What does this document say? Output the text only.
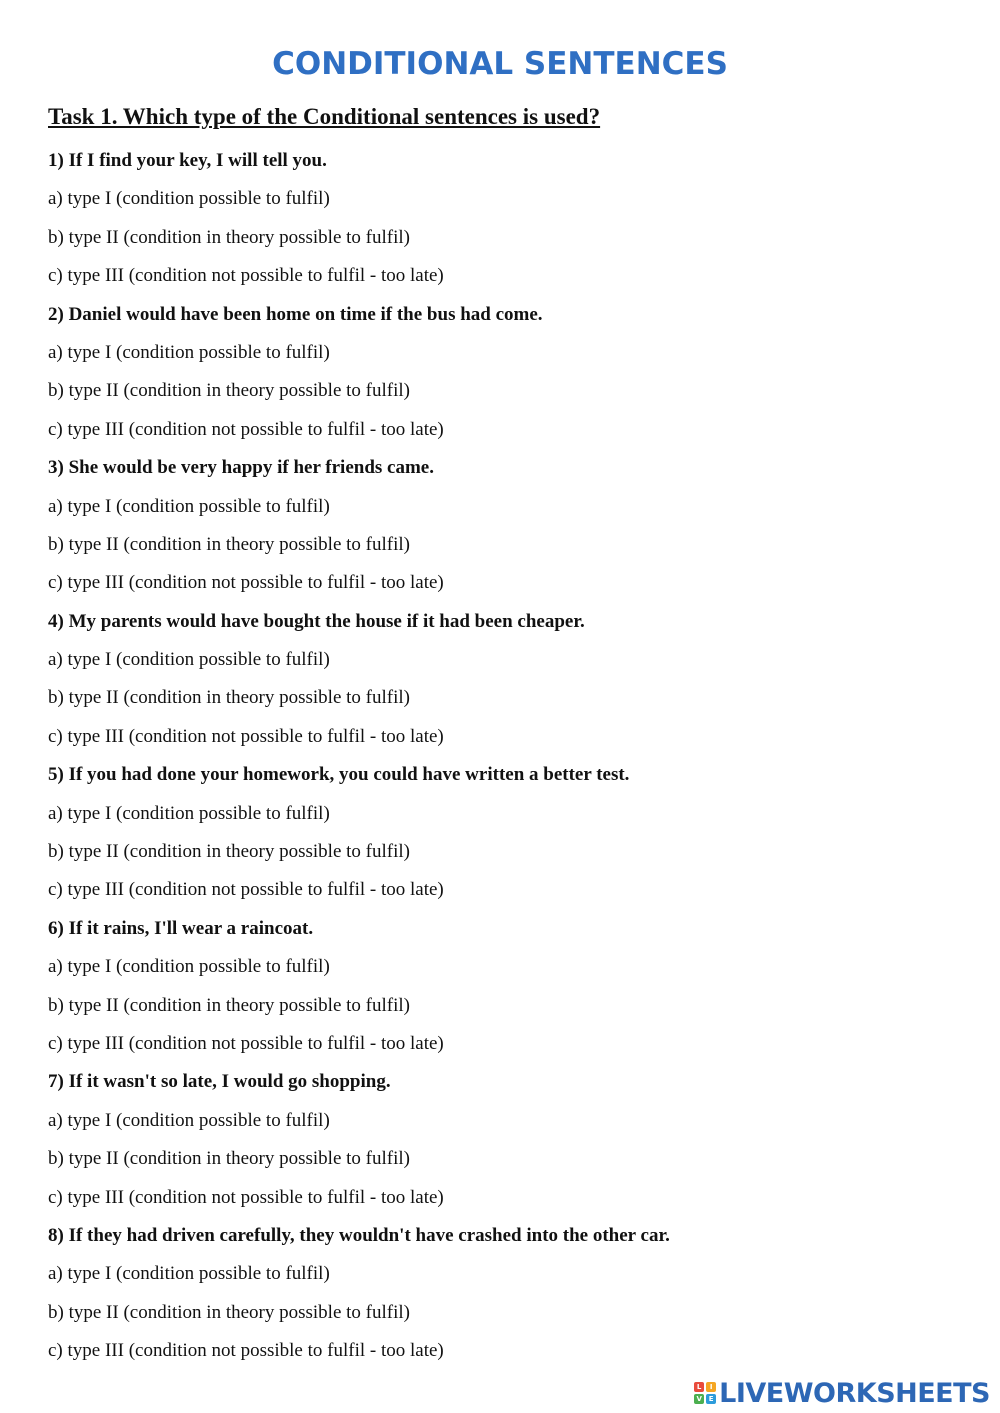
CONDITIONAL SENTENCES
Task 1. Which type of the Conditional sentences is used?
1) If I find your key, I will tell you.
a) type I (condition possible to fulfil)
b) type II (condition in theory possible to fulfil)
c) type III (condition not possible to fulfil - too late)
2) Daniel would have been home on time if the bus had come.
a) type I (condition possible to fulfil)
b) type II (condition in theory possible to fulfil)
c) type III (condition not possible to fulfil - too late)
3) She would be very happy if her friends came.
a) type I (condition possible to fulfil)
b) type II (condition in theory possible to fulfil)
c) type III (condition not possible to fulfil - too late)
4) My parents would have bought the house if it had been cheaper.
a) type I (condition possible to fulfil)
b) type II (condition in theory possible to fulfil)
c) type III (condition not possible to fulfil - too late)
5) If you had done your homework, you could have written a better test.
a) type I (condition possible to fulfil)
b) type II (condition in theory possible to fulfil)
c) type III (condition not possible to fulfil - too late)
6) If it rains, I'll wear a raincoat.
a) type I (condition possible to fulfil)
b) type II (condition in theory possible to fulfil)
c) type III (condition not possible to fulfil - too late)
7) If it wasn't so late, I would go shopping.
a) type I (condition possible to fulfil)
b) type II (condition in theory possible to fulfil)
c) type III (condition not possible to fulfil - too late)
8) If they had driven carefully, they wouldn't have crashed into the other car.
a) type I (condition possible to fulfil)
b) type II (condition in theory possible to fulfil)
c) type III (condition not possible to fulfil - too late)
L	I
V E LIVEWORKSHEETS
